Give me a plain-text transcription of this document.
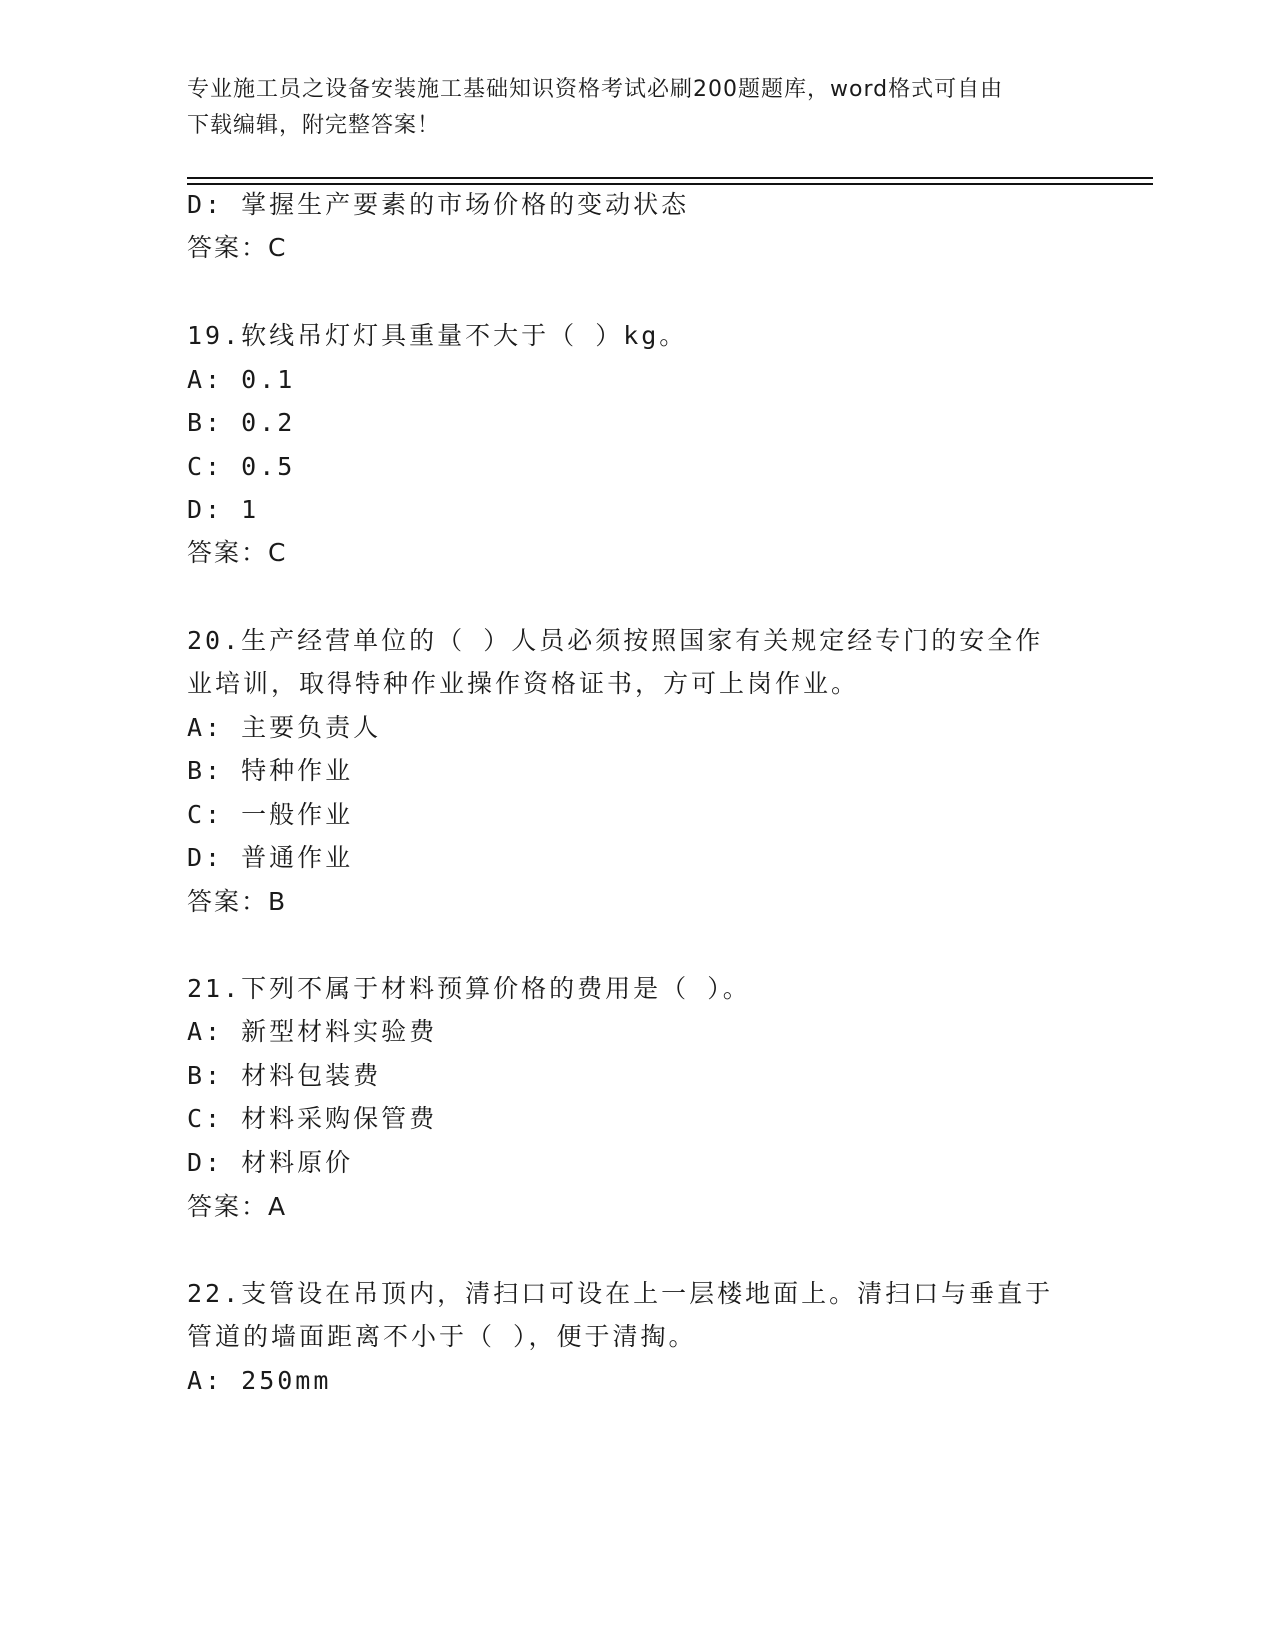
专业施工员之设备安装施工基础知识资格考试必刷200题题库，word格式可自由
下载编辑，附完整答案！
D: 掌握生产要素的市场价格的变动状态
答案：C
19.软线吊灯灯具重量不大于（ ）kg。
A: 0.1
B: 0.2
C: 0.5
D: 1
答案：C
20.生产经营单位的（ ）人员必须按照国家有关规定经专门的安全作
业培训，取得特种作业操作资格证书，方可上岗作业。
A: 主要负责人
B: 特种作业
C: 一般作业
D: 普通作业
答案：B
21.下列不属于材料预算价格的费用是（ ）。
A: 新型材料实验费
B: 材料包装费
C: 材料采购保管费
D: 材料原价
答案：A
22.支管设在吊顶内，清扫口可设在上一层楼地面上。清扫口与垂直于
管道的墙面距离不小于（ ），便于清掏。
A: 250mm
